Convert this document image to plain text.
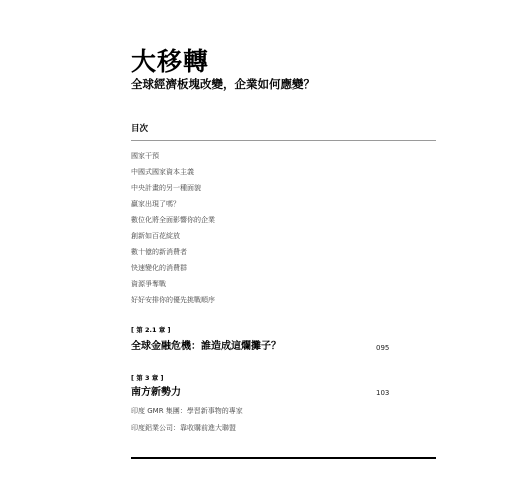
大移轉
全球經濟板塊改變，企業如何應變？
目次
國家干預
中國式國家資本主義
中央計畫的另一種面貌
贏家出現了嗎？
數位化將全面影響你的企業
創新如百花綻放
數十億的新消費者
快速變化的消費群
資源爭奪戰
好好安排你的優先挑戰順序
[ 第 2.1 章 ]
全球金融危機：誰造成這爛攤子？	095
[ 第 3 章 ]
南方新勢力	103
印度 GMR 集團：學習新事物的專家
印度鋁業公司：靠收購前進大聯盟
